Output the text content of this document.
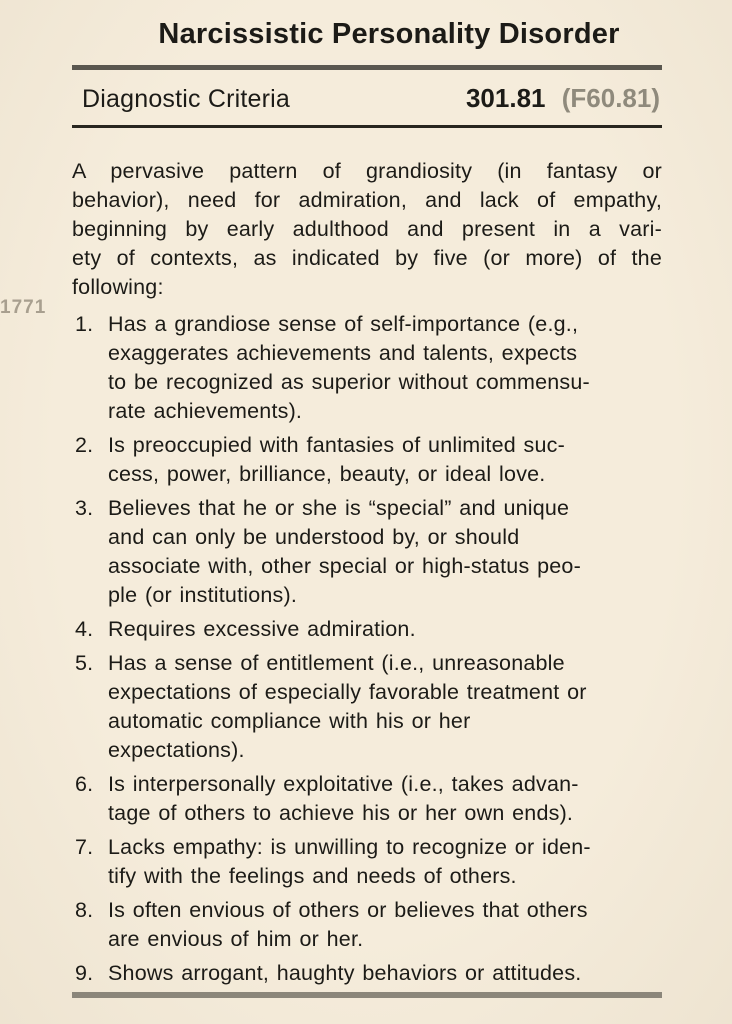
1771
Narcissistic Personality Disorder
Diagnostic Criteria	301.81 (F60.81)
A pervasive pattern of grandiosity (in fantasy or
behavior), need for admiration, and lack of empathy,
beginning by early adulthood and present in a vari-
ety of contexts, as indicated by five (or more) of the
following:
1. Has a grandiose sense of self-importance (e.g.,
exaggerates achievements and talents, expects
to be recognized as superior without commensu-
rate achievements).
2. Is preoccupied with fantasies of unlimited suc-
cess, power, brilliance, beauty, or ideal love.
3. Believes that he or she is “special” and unique
and can only be understood by, or should
associate with, other special or high-status peo-
ple (or institutions).
4. Requires excessive admiration.
5. Has a sense of entitlement (i.e., unreasonable
expectations of especially favorable treatment or
automatic compliance with his or her
expectations).
6. Is interpersonally exploitative (i.e., takes advan-
tage of others to achieve his or her own ends).
7. Lacks empathy: is unwilling to recognize or iden-
tify with the feelings and needs of others.
8. Is often envious of others or believes that others
are envious of him or her.
9. Shows arrogant, haughty behaviors or attitudes.
